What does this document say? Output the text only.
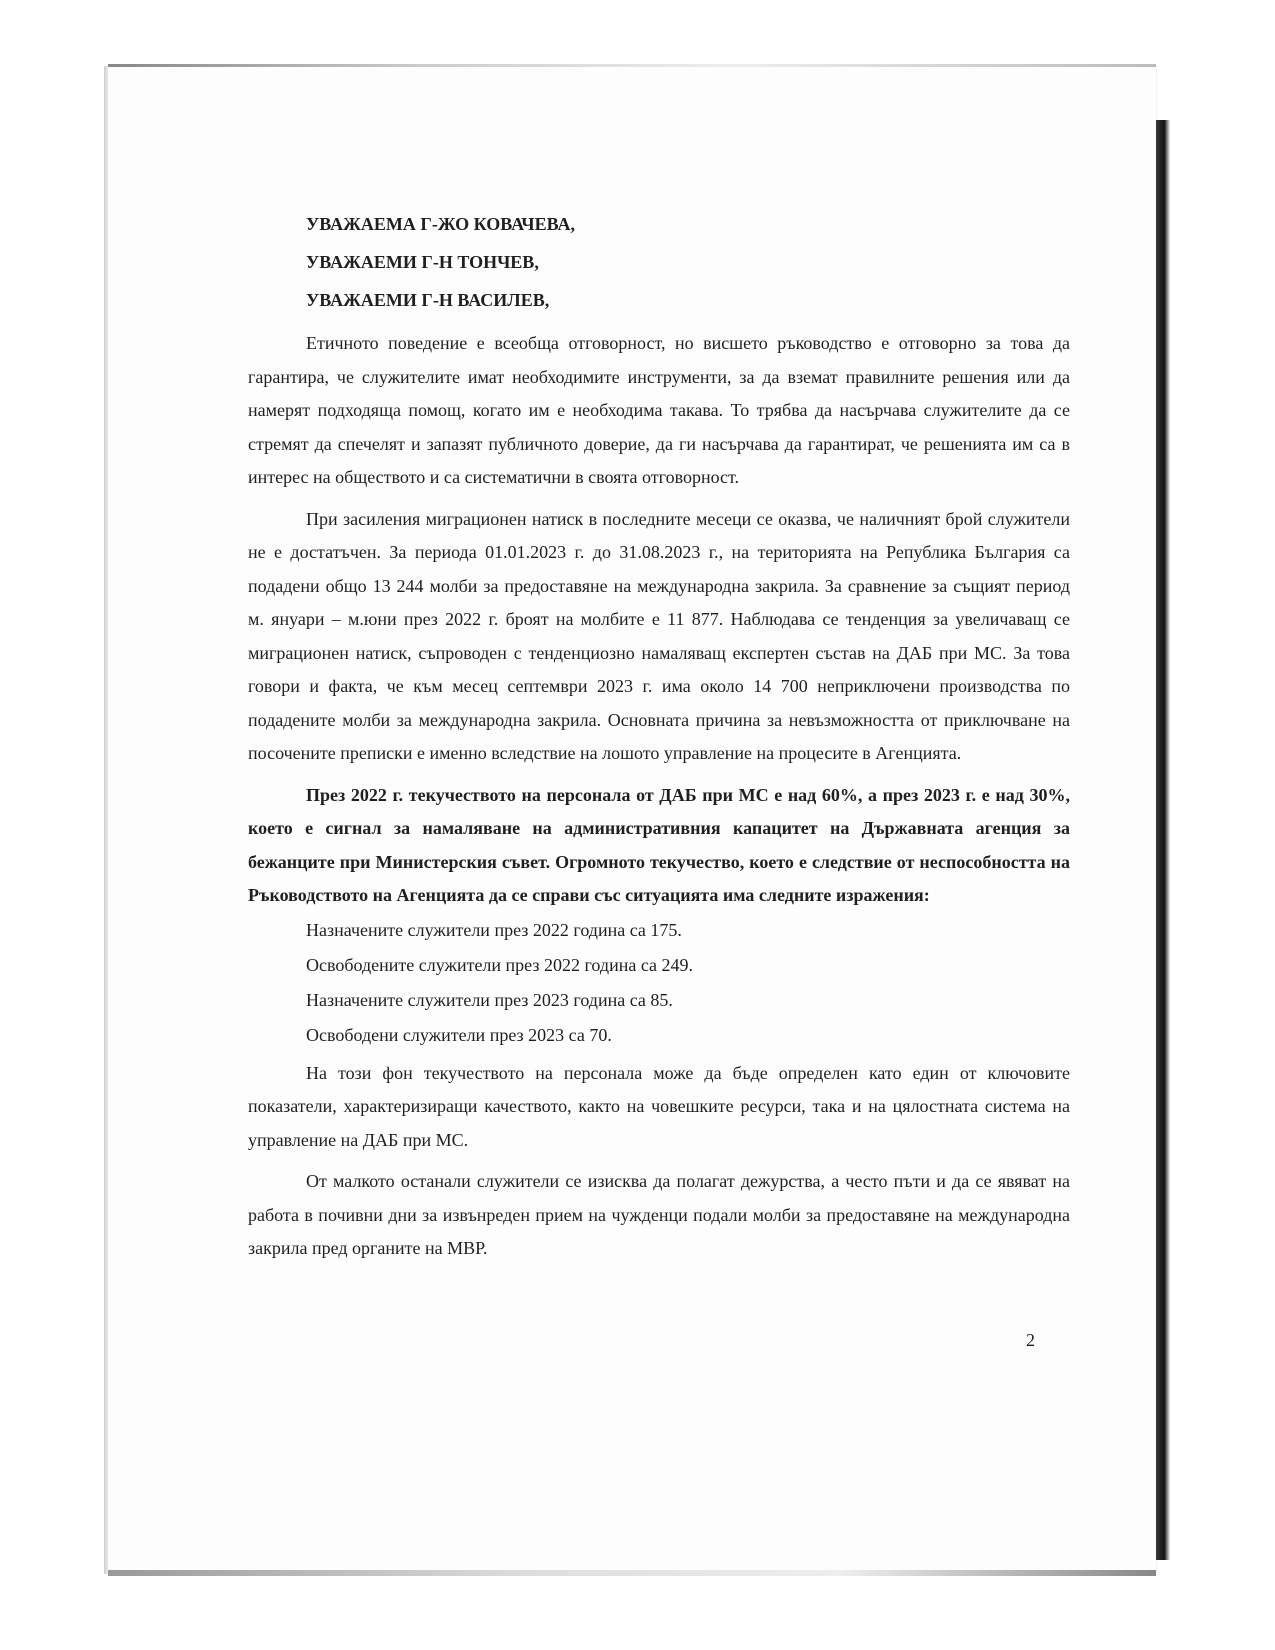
УВАЖАЕМА Г-ЖО КОВАЧЕВА,
УВАЖАЕМИ Г-Н ТОНЧЕВ,
УВАЖАЕМИ Г-Н ВАСИЛЕВ,

Етичното поведение е всеобща отговорност, но висшето ръководство е отговорно за това да гарантира, че служителите имат необходимите инструменти, за да вземат правилните решения или да намерят подходяща помощ, когато им е необходима такава. То трябва да насърчава служителите да се стремят да спечелят и запазят публичното доверие, да ги насърчава да гарантират, че решенията им са в интерес на обществото и са систематични в своята отговорност.

При засиления миграционен натиск в последните месеци се оказва, че наличният брой служители не е достатъчен. За периода 01.01.2023 г. до 31.08.2023 г., на територията на Република България са подадени общо 13 244 молби за предоставяне на международна закрила. За сравнение за същият период м. януари – м.юни през 2022 г. броят на молбите е 11 877. Наблюдава се тенденция за увеличаващ се миграционен натиск, съпроводен с тенденциозно намаляващ експертен състав на ДАБ при МС. За това говори и факта, че към месец септември 2023 г. има около 14 700 неприключени производства по подадените молби за международна закрила. Основната причина за невъзможността от приключване на посочените преписки е именно вследствие на лошото управление на процесите в Агенцията.

През 2022 г. текучеството на персонала от ДАБ при МС е над 60%, а през 2023 г. е над 30%, което е сигнал за намаляване на административния капацитет на Държавната агенция за бежанците при Министерския съвет. Огромното текучество, което е следствие от неспособността на Ръководството на Агенцията да се справи със ситуацията има следните изражения:

Назначените служители през 2022 година са 175.

Освободените служители през 2022 година са 249.

Назначените служители през 2023 година са 85.

Освободени служители през 2023 са 70.

На този фон текучеството на персонала може да бъде определен като един от ключовите показатели, характеризиращи качеството, както на човешките ресурси, така и на цялостната система на управление на ДАБ при МС.

От малкото останали служители се изисква да полагат дежурства, а често пъти и да се явяват на работа в почивни дни за извънреден прием на чужденци подали молби за предоставяне на международна закрила пред органите на МВР.

2
